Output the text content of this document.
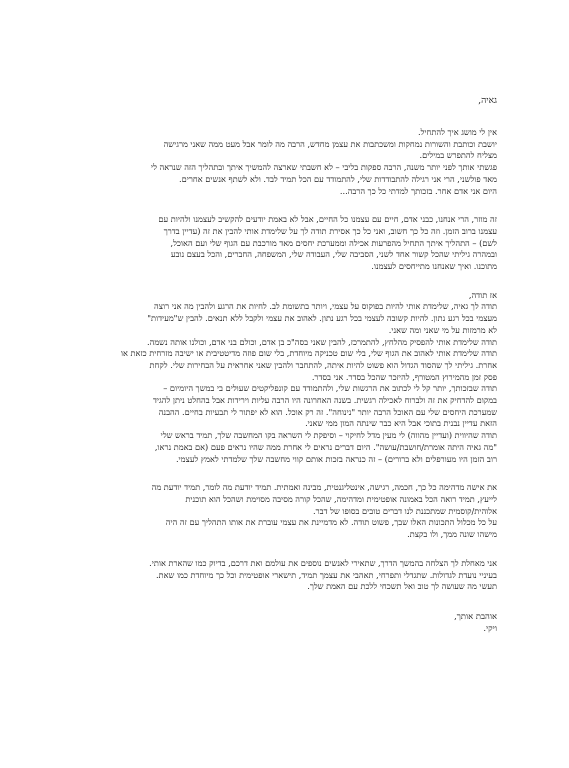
גאיה,
אין לי מושג איך להתחיל.
יושבת וכותבת והשורות נמחקות ומשכתבות את עצמן מחדש, הרבה מה לומר אבל מעט ממה שאני מרגישה
מצליח להתפרש במילים.
פגשתי אותך לפני יותר משנה, הרבה ספקות בליבי – לא חשבתי שארצה להמשיך איתך ובתהליך הזה שנראה לי
מאד פולשני, הרי אני רגילה להתבודדות שלי, להתמודד עם הכל תמיד לבד. ולא לשתף אנשים אחרים.
היום אני אדם אחר. בזכותך למדתי כל כך הרבה...
זה מוזר, הרי אנחנו, כבני אדם, חיים עם עצמנו כל החיים, אבל לא באמת יודעים להקשיב לעצמנו ולהיות עם
עצמנו ברוב הזמן. וזה כל כך חשוב, ואני כל כך אסירת תודה לך על שלימדת אותי להבין את זה (עדיין בדרך
לשם) – התהליך איתך התחיל מהפרעות אכילה וממערכת יחסים מאד מורכבת עם הגוף שלי ועם האוכל,
ובמהרה גיליתי שהכל קשור אחד לשני, הסביבה שלי, העבודה שלי, המשפחה, החברים, והכל בעצם נובע
מתוכנו. ואיך שאנחנו מתייחסים לעצמנו.
אז תודה,
תודה לך גאיה, שלימדת אותי להיות בפוקוס על עצמי, ויותר בתשומת לב. לחיות את הרגע ולהבין מה אני רוצה
מעצמי בכל רגע נתון. להיות קשובה לעצמי בכל רגע נתון. לאהוב את עצמי ולקבל ללא תנאים. להבין ש"מעידות"
לא מרמזות על מי שאני ומה שאני.
תודה שלימדת אותי להפסיק מהלחץ, להתמרכז, להבין שאני בסה"כ בן אדם, וכולם בני אדם, וכולנו אותה נשמה.
תודה שלימדת אותי לאהוב את הגוף שלי, בלי שום טכניקה מיוחדת, בלי שום פוזה מדיטטיבית או ישיבה מזרחית כזאת או
אחרת. גיליתי לך שהסוד הגדול הוא פשוט להיות איתה, להתחבר ולהבין שאני אחראית על הבחירות שלי. לקחת
פסק זמן מהמירוץ המטורף, להיזכר שהכל בסדר. אני בסדר.
תודה שבזכותך, יותר קל לי לכתוב את הרגשות שלי, ולהתמודד עם קונפליקטים שעולים בי במשך היומיום –
במקום להדחיק את זה ולברוח לאכילה רגשית. בשנה האחרונה היו הרבה עליות וירידות אבל בהחלט ניתן להגיד
שמערכת היחסים שלי עם האוכל הרבה יותר "נינוחה". זה רק אוכל. הוא לא יפתור לי תבעיות בחיים. ההבנה
הזאת עדיין נבנית בתוכי אבל היא כבר שינתה המון ממי שאני.
תודה שהיווית (ועדיין מהווה) לי מעין מדל לחיקוי – וסיפקת לי השראה בקו המחשבה שלך, תמיד בראש שלי
"מה גאיה היתה אומרת/חושבת/עושה". היום דברים נראים לי אחרת ממה שהיו נראים פעם (אם באמת נראו,
רוב הזמן היו מעורפלים ולא ברורים) – זה כנראה בזכות אותם קווי מחשבה שלך שלמדתי לאמץ לעצמי.
את אישה מדהימה כל כך, חכמה, רגישה, אינטליגנטית, מבינה ואמתית. תמיד יודעת מה לומר, תמיד יודעת מה
לייעץ, תמיד רואה הכל באמונה אופטימית ומדהימה, שהכל קורה מסיבה מסוימת ושהכל הוא תוכנית
אלוהית/קוסמית שמתכננת לנו דברים טובים בסופו של דבר.
על כל מכלול התכונות האלו שבך, פשוט תודה. לא מדמיינת את עצמי עוברת את אותו התהליך עם זה היה
מישהו שונה ממך, ולו בקצת.
אני מאחלת לך הצלחה בהמשך הדרך, שתאירי לאנשים נוספים את עולמם ואת דרכם, בדיוק כמו שהארת אותי.
בעיניי נועדת לגדולות. שתגדלי ותפרחי, תאהבי את עצמך תמיד, תישארי אופטימית וכל כך מיוחדת כמו שאת.
תעשי מה שעושה לך טוב ואל תשכחי ללכת עם האמת שלך.
אוהבת אותך,
ויקי.
